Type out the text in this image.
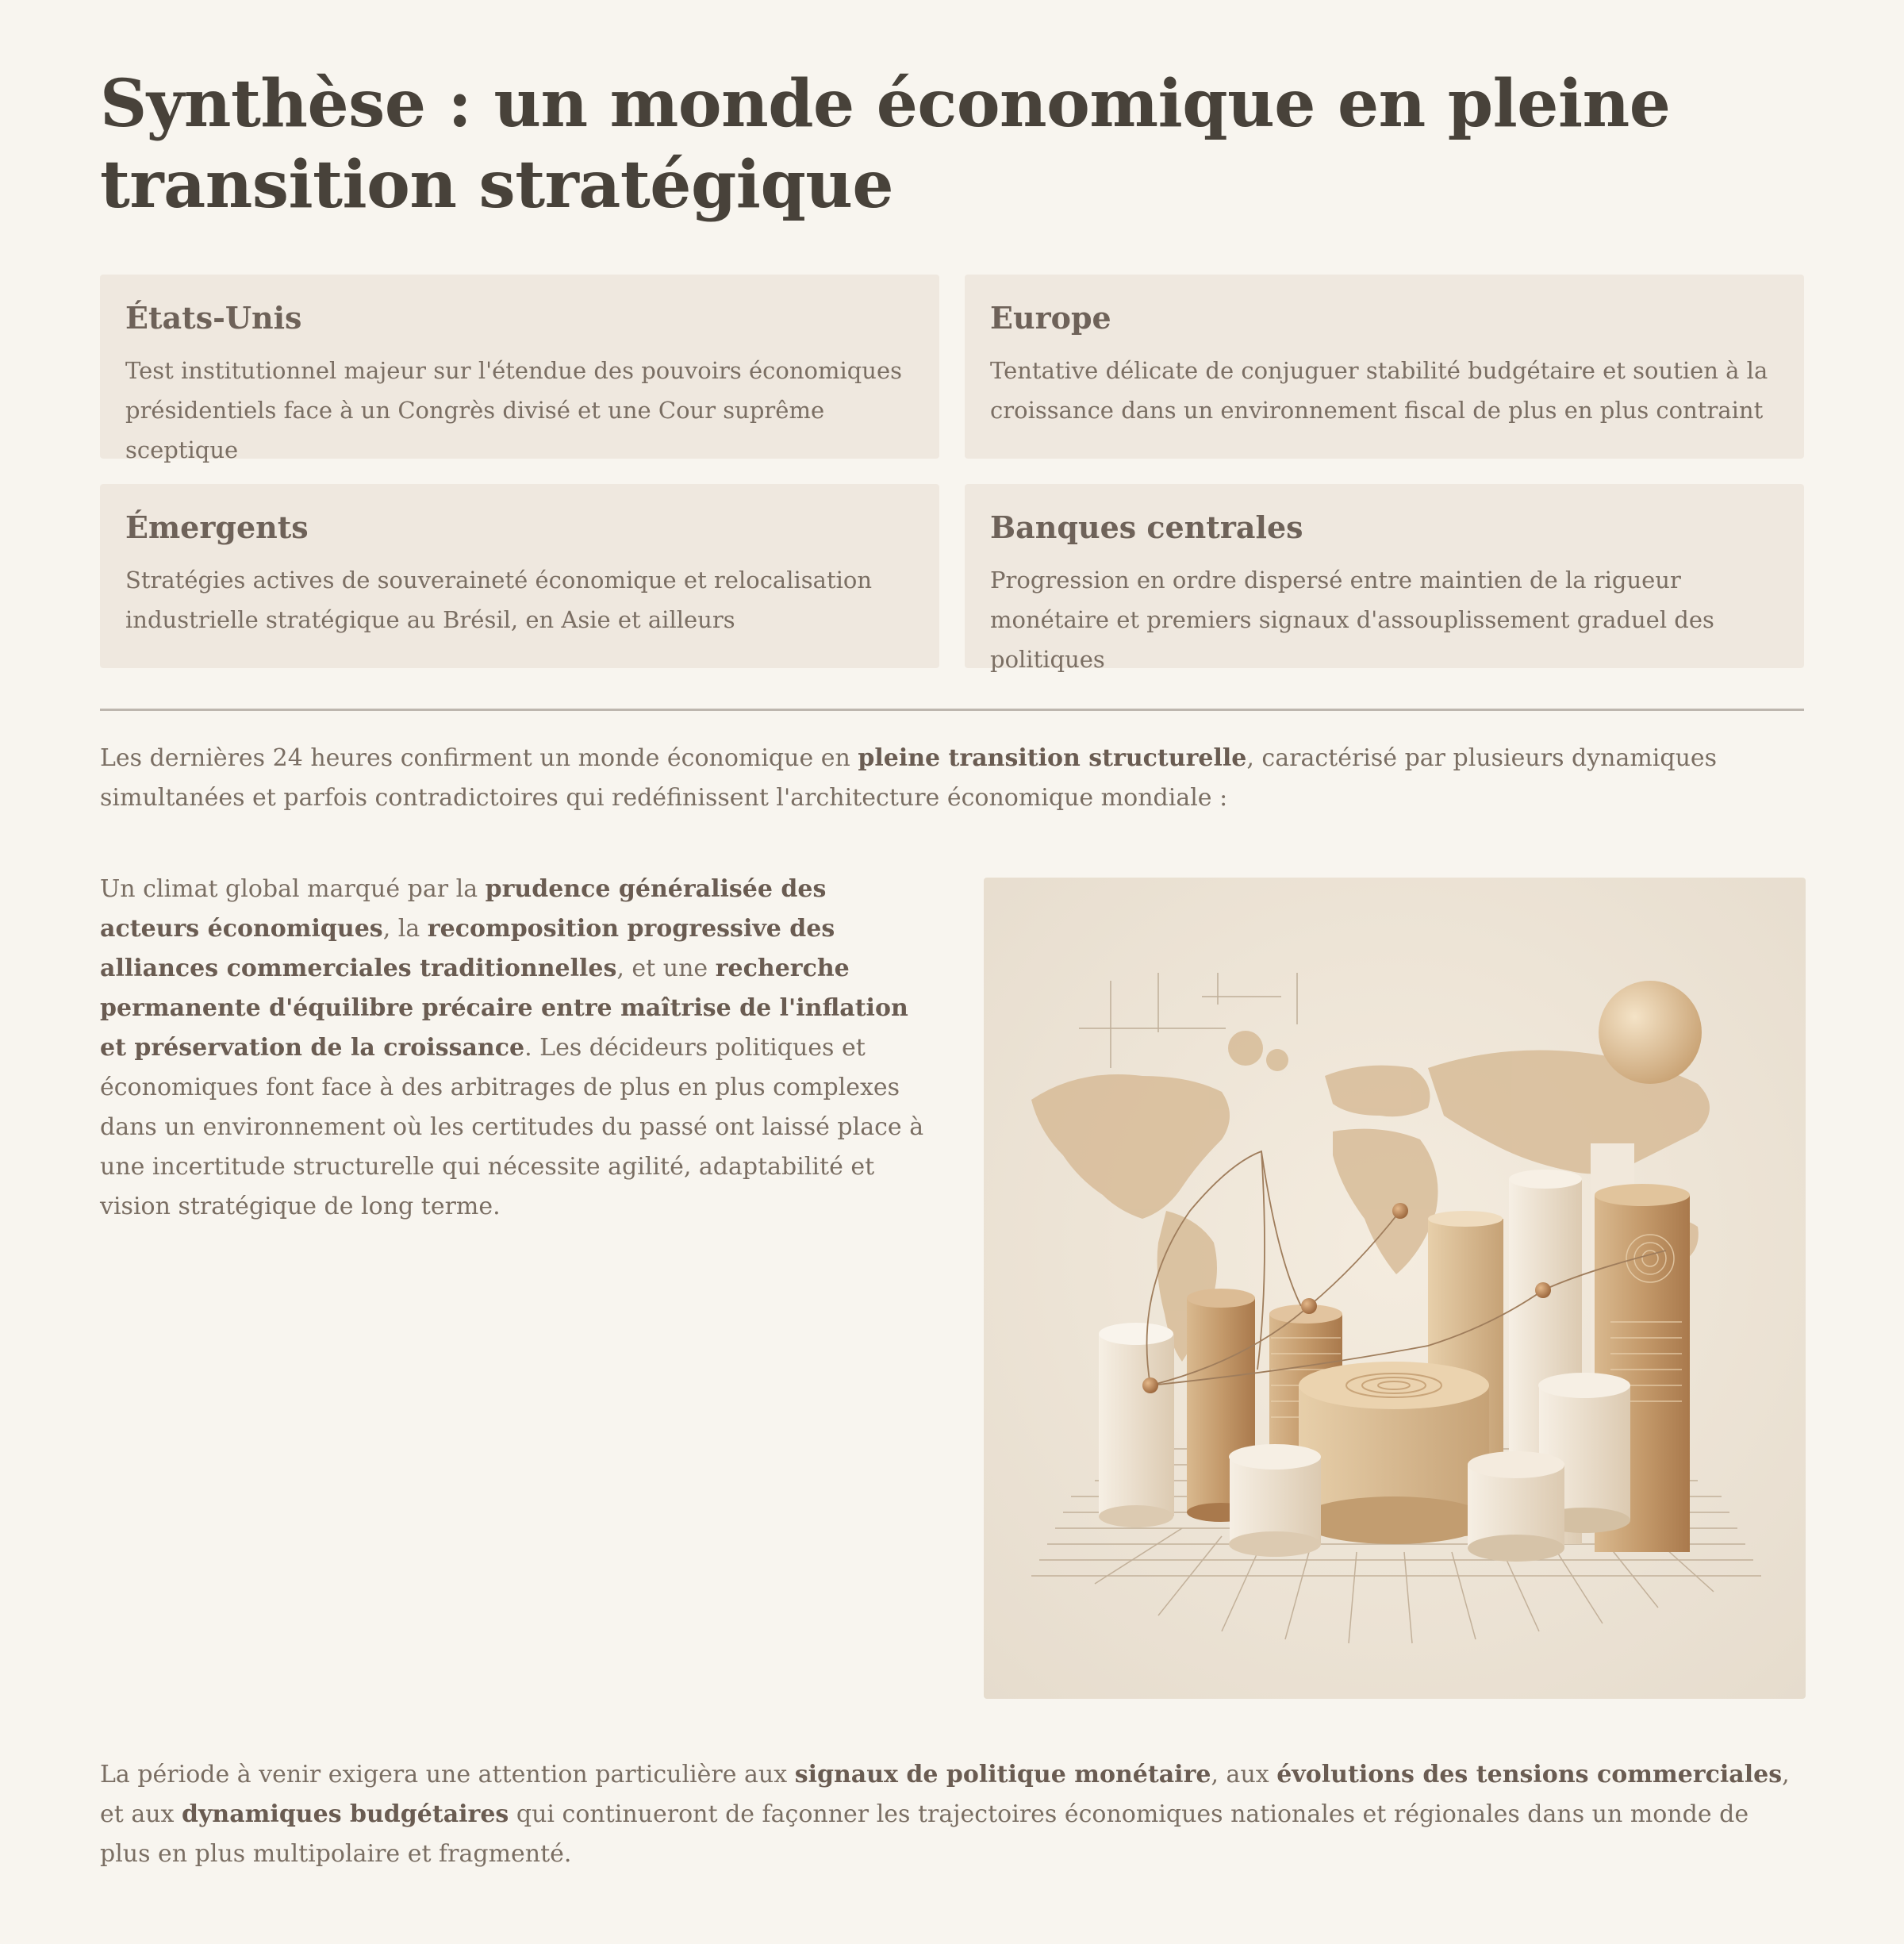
Synthèse : un monde économique en pleine transition stratégique
États-Unis

Test institutionnel majeur sur l'étendue des pouvoirs économiques présidentiels face à un Congrès divisé et une Cour suprême sceptique

Europe

Tentative délicate de conjuguer stabilité budgétaire et soutien à la croissance dans un environnement fiscal de plus en plus contraint

Émergents

Stratégies actives de souveraineté économique et relocalisation industrielle stratégique au Brésil, en Asie et ailleurs

Banques centrales

Progression en ordre dispersé entre maintien de la rigueur monétaire et premiers signaux d'assouplissement graduel des politiques

Les dernières 24 heures confirment un monde économique en pleine transition structurelle, caractérisé par plusieurs dynamiques simultanées et parfois contradictoires qui redéfinissent l'architecture économique mondiale :

Un climat global marqué par la prudence généralisée des acteurs économiques, la recomposition progressive des alliances commerciales traditionnelles, et une recherche permanente d'équilibre précaire entre maîtrise de l'inflation et préservation de la croissance. Les décideurs politiques et économiques font face à des arbitrages de plus en plus complexes dans un environnement où les certitudes du passé ont laissé place à une incertitude structurelle qui nécessite agilité, adaptabilité et vision stratégique de long terme.

La période à venir exigera une attention particulière aux signaux de politique monétaire, aux évolutions des tensions commerciales, et aux dynamiques budgétaires qui continueront de façonner les trajectoires économiques nationales et régionales dans un monde de plus en plus multipolaire et fragmenté.
